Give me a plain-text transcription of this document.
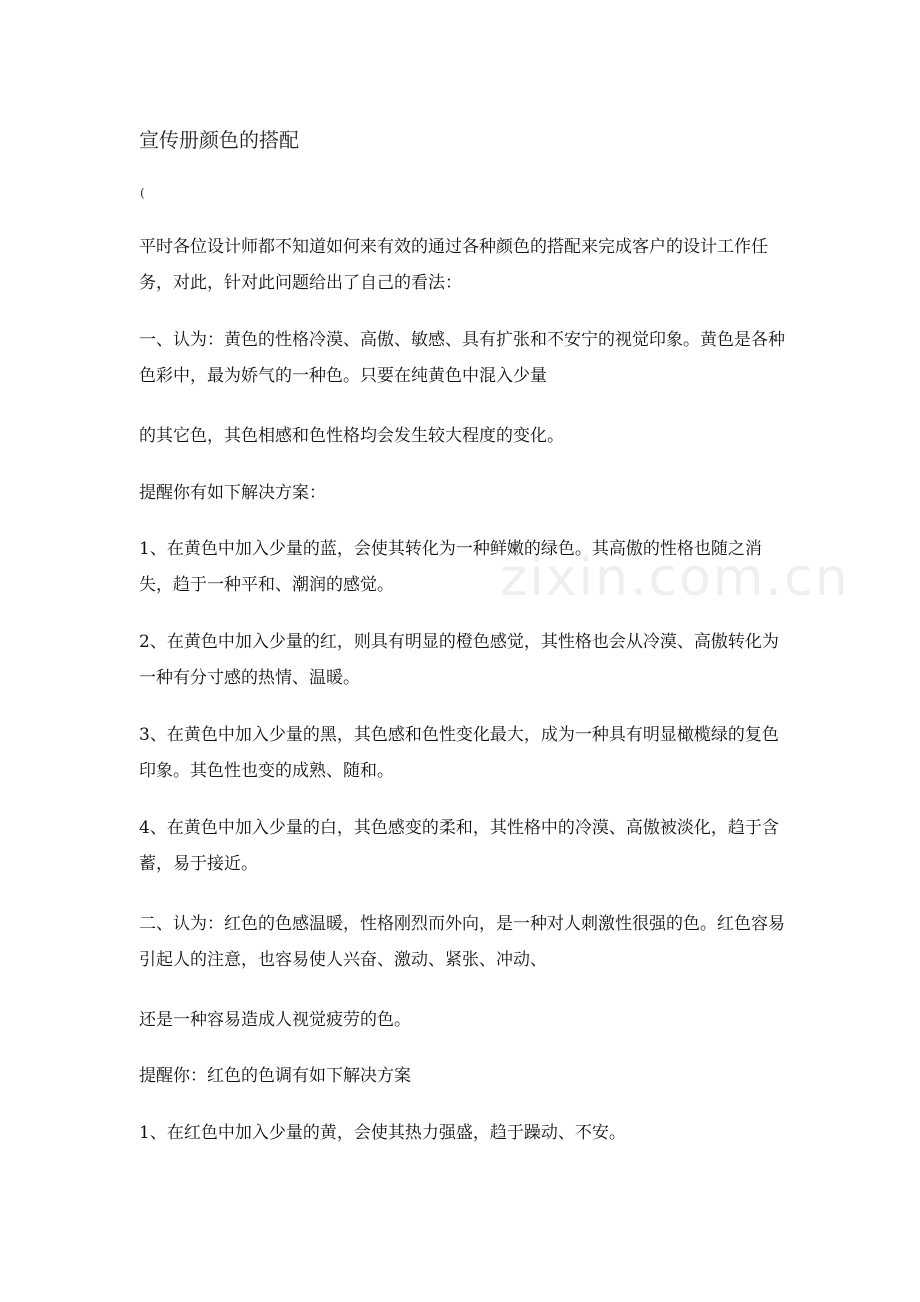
zixin.com.cn
宣传册颜色的搭配
(

平时各位设计师都不知道如何来有效的通过各种颜色的搭配来完成客户的设计工作任务，对此，针对此问题给出了自己的看法：

一、认为：黄色的性格冷漠、高傲、敏感、具有扩张和不安宁的视觉印象。黄色是各种色彩中，最为娇气的一种色。只要在纯黄色中混入少量

的其它色，其色相感和色性格均会发生较大程度的变化。

提醒你有如下解决方案：

1、在黄色中加入少量的蓝，会使其转化为一种鲜嫩的绿色。其高傲的性格也随之消失，趋于一种平和、潮润的感觉。

2、在黄色中加入少量的红，则具有明显的橙色感觉，其性格也会从冷漠、高傲转化为一种有分寸感的热情、温暖。

3、在黄色中加入少量的黑，其色感和色性变化最大，成为一种具有明显橄榄绿的复色印象。其色性也变的成熟、随和。

4、在黄色中加入少量的白，其色感变的柔和，其性格中的冷漠、高傲被淡化，趋于含蓄，易于接近。

二、认为：红色的色感温暖，性格刚烈而外向，是一种对人刺激性很强的色。红色容易引起人的注意，也容易使人兴奋、激动、紧张、冲动、

还是一种容易造成人视觉疲劳的色。

提醒你：红色的色调有如下解决方案

1、在红色中加入少量的黄，会使其热力强盛，趋于躁动、不安。
